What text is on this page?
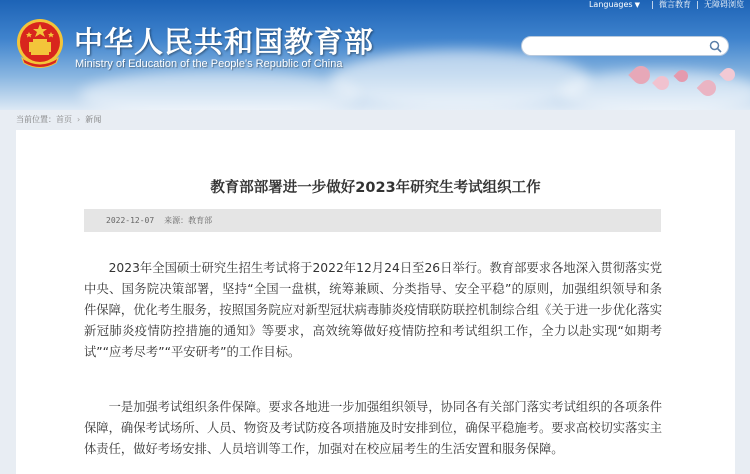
Languages ▼	微言教育	无障碍浏览
中华人民共和国教育部
Ministry of Education of the People's Republic of China
当前位置： 首页 › 新闻
教育部部署进一步做好2023年研究生考试组织工作
2022-12-07 来源：教育部

2023年全国硕士研究生招生考试将于2022年12月24日至26日举行。教育部要求各地深入贯彻落实党中央、国务院决策部署，坚持“全国一盘棋，统筹兼顾、分类指导、安全平稳”的原则，加强组织领导和条件保障，优化考生服务，按照国务院应对新型冠状病毒肺炎疫情联防联控机制综合组《关于进一步优化落实新冠肺炎疫情防控措施的通知》等要求，高效统筹做好疫情防控和考试组织工作，全力以赴实现“如期考试”“应考尽考”“平安研考”的工作目标。

一是加强考试组织条件保障。要求各地进一步加强组织领导，协同各有关部门落实考试组织的各项条件保障，确保考试场所、人员、物资及考试防疫各项措施及时安排到位，确保平稳施考。要求高校切实落实主体责任，做好考场安排、人员培训等工作，加强对在校应届考生的生活安置和服务保障。
